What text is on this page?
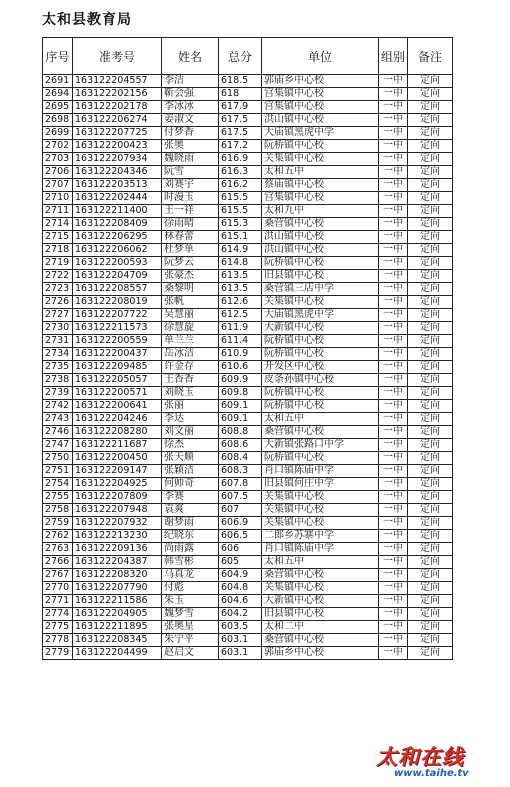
太和县教育局
序号	准考号	姓名	总分	单位	组别	备注
2691	163122204557	李洁	618.5	郭庙乡中心校	一中	定向
2694	163122202156	靳会强	618	宫集镇中心校	一中	定向
2695	163122202178	李冰冰	617.9	宫集镇中心校	一中	定向
2698	163122206274	姜淑文	617.5	洪山镇中心校	一中	定向
2699	163122207725	付梦香	617.5	大庙镇黑虎中学	一中	定向
2702	163122200423	张奥	617.2	阮桥镇中心校	一中	定向
2703	163122207934	魏晓雨	616.9	关集镇中心校	一中	定向
2706	163122204346	阮雪	616.3	太和五中	一中	定向
2707	163122203513	刘赛宇	616.2	蔡庙镇中心校	一中	定向
2710	163122202444	时漫玉	615.5	宫集镇中心校	一中	定向
2711	163122211400	王一祥	615.5	太和九中	一中	定向
2714	163122208409	徐雨晴	615.3	桑营镇中心校	一中	定向
2715	163122206295	林春蕾	615.1	洪山镇中心校	一中	定向
2718	163122206062	杜梦单	614.9	洪山镇中心校	一中	定向
2719	163122200593	阮梦云	614.8	阮桥镇中心校	一中	定向
2722	163122204709	张豪杰	613.5	旧县镇中心校	一中	定向
2723	163122208557	桑黎明	613.5	桑营镇三店中学	一中	定向
2726	163122208019	张帆	612.6	关集镇中心校	一中	定向
2727	163122207722	吴慧丽	612.5	大庙镇黑虎中学	一中	定向
2730	163122211573	徐慧旋	611.9	大新镇中心校	一中	定向
2731	163122200559	单兰兰	611.4	阮桥镇中心校	一中	定向
2734	163122200437	岳冰洁	610.9	阮桥镇中心校	一中	定向
2735	163122209485	许金存	610.6	开发区中心校	一中	定向
2738	163122205057	王香香	609.9	皮条孙镇中心校	一中	定向
2739	163122200571	刘晓玉	609.8	阮桥镇中心校	一中	定向
2742	163122200641	张丽	609.1	阮桥镇中心校	一中	定向
2743	163122204246	李达	609.1	太和五中	一中	定向
2746	163122208280	刘文丽	608.8	桑营镇中心校	一中	定向
2747	163122211687	徐杰	608.6	大新镇张路口中学	一中	定向
2750	163122200450	张天顺	608.4	阮桥镇中心校	一中	定向
2751	163122209147	张颖洁	608.3	肖口镇陈庙中学	一中	定向
2754	163122204925	何帅奇	607.8	旧县镇何庄中学	一中	定向
2755	163122207809	李赛	607.5	关集镇中心校	一中	定向
2758	163122207948	袁爽	607	关集镇中心校	一中	定向
2759	163122207932	谢梦雨	606.9	关集镇中心校	一中	定向
2762	163122213230	纪晓东	606.5	二郎乡苏寨中学	一中	定向
2763	163122209136	尚雨露	606	肖口镇陈庙中学	一中	定向
2766	163122204387	韩雪彬	605	太和五中	一中	定向
2767	163122208320	马真龙	604.9	桑营镇中心校	一中	定向
2770	163122207790	付彪	604.8	关集镇中心校	一中	定向
2771	163122211586	朱玉	604.6	大新镇中心校	一中	定向
2774	163122204905	魏梦雪	604.2	旧县镇中心校	一中	定向
2775	163122211895	张奥星	603.5	太和二中	一中	定向
2778	163122208345	朱宁平	603.1	桑营镇中心校	一中	定向
2779	163122204499	赵启文	603.1	郭庙乡中心校	一中	定向
太和在线
www.taihe.tv
